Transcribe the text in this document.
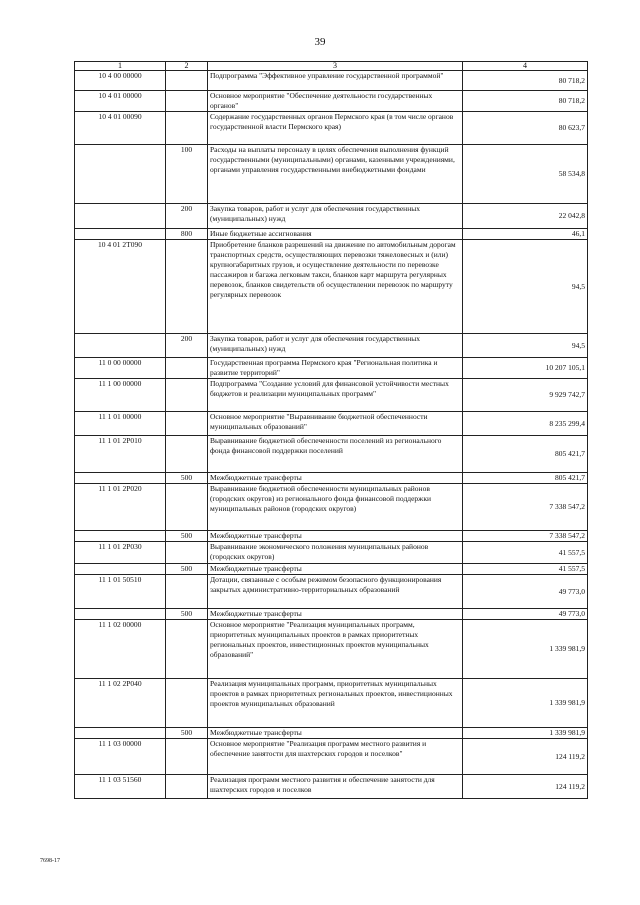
39
1	2	3	4
10 4 00 00000		Подпрограмма "Эффективное управление государственной программой"	80 718,2
10 4 01 00000		Основное мероприятие "Обеспечение деятельности государственных органов"	80 718,2
10 4 01 00090		Содержание государственных органов Пермского края (в том числе органов государственной власти Пермского края)	80 623,7
	100	Расходы на выплаты персоналу в целях обеспечения выполнения функций государственными (муниципальными) органами, казенными учреждениями, органами управления государственными внебюджетными фондами	58 534,8
	200	Закупка товаров, работ и услуг для обеспечения государственных (муниципальных) нужд	22 042,8
	800	Иные бюджетные ассигнования	46,1
10 4 01 2Т090		Приобретение бланков разрешений на движение по автомобильным дорогам транспортных средств, осуществляющих перевозки тяжеловесных и (или) крупногабаритных грузов, и осуществление деятельности по перевозке пассажиров и багажа легковым такси, бланков карт маршрута регулярных перевозок, бланков свидетельств об осуществлении перевозок по маршруту регулярных перевозок	94,5
	200	Закупка товаров, работ и услуг для обеспечения государственных (муниципальных) нужд	94,5
11 0 00 00000		Государственная программа Пермского края "Региональная политика и развитие территорий"	10 207 105,1
11 1 00 00000		Подпрограмма "Создание условий для финансовой устойчивости местных бюджетов и реализации муниципальных программ"	9 929 742,7
11 1 01 00000		Основное мероприятие "Выравнивание бюджетной обеспеченности муниципальных образований"	8 235 299,4
11 1 01 2Р010		Выравнивание бюджетной обеспеченности поселений из регионального фонда финансовой поддержки поселений	805 421,7
	500	Межбюджетные трансферты	805 421,7
11 1 01 2Р020		Выравнивание бюджетной обеспеченности муниципальных районов (городских округов) из регионального фонда финансовой поддержки муниципальных районов (городских округов)	7 338 547,2
	500	Межбюджетные трансферты	7 338 547,2
11 1 01 2Р030		Выравнивание экономического положения муниципальных районов (городских округов)	41 557,5
	500	Межбюджетные трансферты	41 557,5
11 1 01 50510		Дотации, связанные с особым режимом безопасного функционирования закрытых административно-территориальных образований	49 773,0
	500	Межбюджетные трансферты	49 773,0
11 1 02 00000		Основное мероприятие "Реализация муниципальных программ, приоритетных муниципальных проектов в рамках приоритетных региональных проектов, инвестиционных проектов муниципальных образований"	1 339 981,9
11 1 02 2Р040		Реализация муниципальных программ, приоритетных муниципальных проектов в рамках приоритетных региональных проектов, инвестиционных проектов муниципальных образований	1 339 981,9
	500	Межбюджетные трансферты	1 339 981,9
11 1 03 00000		Основное мероприятие "Реализация программ местного развития и обеспечение занятости для шахтерских городов и поселков"	124 119,2
11 1 03 51560		Реализация программ местного развития и обеспечение занятости для шахтерских городов и поселков	124 119,2
7698-17
